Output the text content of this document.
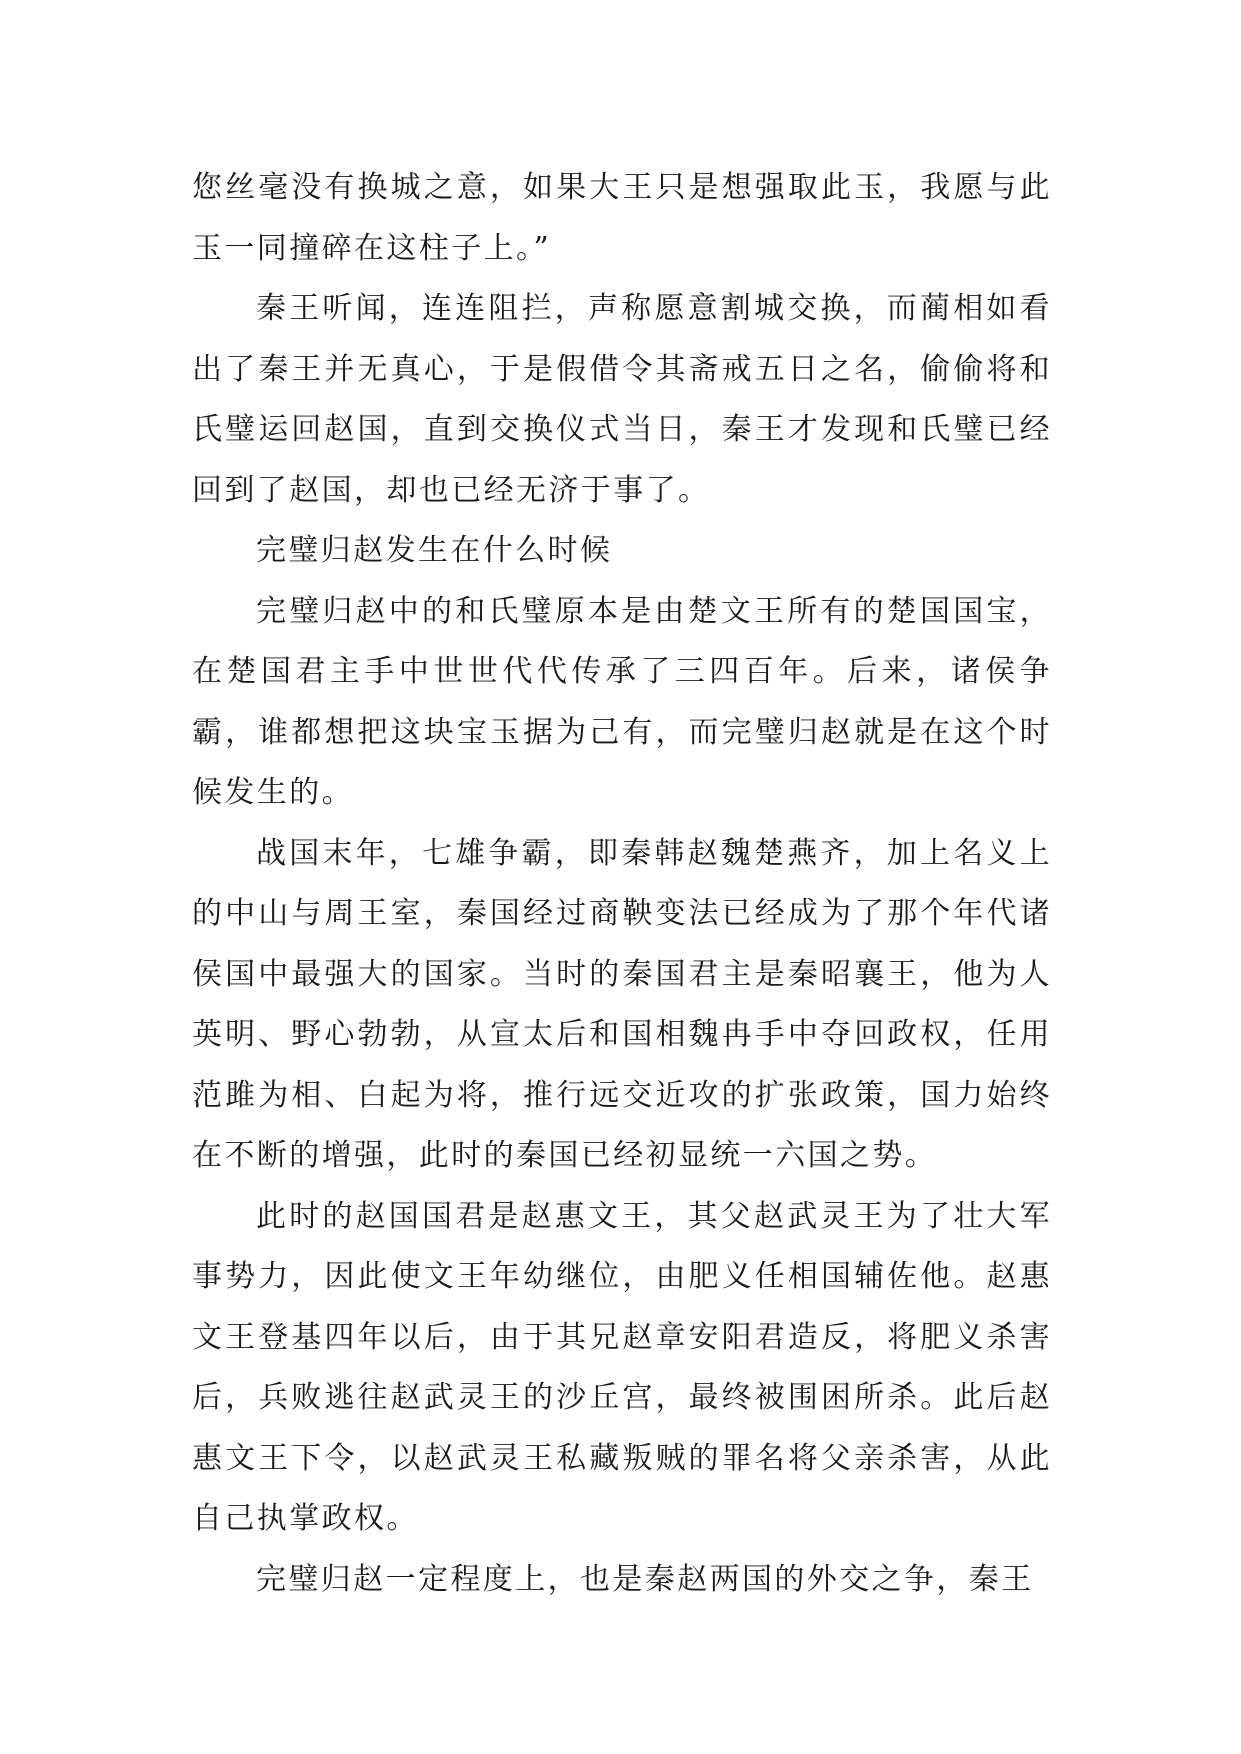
您丝毫没有换城之意，如果大王只是想强取此玉，我愿与此玉一同撞碎在这柱子上。”

秦王听闻，连连阻拦，声称愿意割城交换，而蔺相如看出了秦王并无真心，于是假借令其斋戒五日之名，偷偷将和氏璧运回赵国，直到交换仪式当日，秦王才发现和氏璧已经回到了赵国，却也已经无济于事了。

完璧归赵发生在什么时候

完璧归赵中的和氏璧原本是由楚文王所有的楚国国宝，在楚国君主手中世世代代传承了三四百年。后来，诸侯争霸，谁都想把这块宝玉据为己有，而完璧归赵就是在这个时候发生的。

战国末年，七雄争霸，即秦韩赵魏楚燕齐，加上名义上的中山与周王室，秦国经过商鞅变法已经成为了那个年代诸侯国中最强大的国家。当时的秦国君主是秦昭襄王，他为人英明、野心勃勃，从宣太后和国相魏冉手中夺回政权，任用范雎为相、白起为将，推行远交近攻的扩张政策，国力始终在不断的增强，此时的秦国已经初显统一六国之势。

此时的赵国国君是赵惠文王，其父赵武灵王为了壮大军事势力，因此使文王年幼继位，由肥义任相国辅佐他。赵惠文王登基四年以后，由于其兄赵章安阳君造反，将肥义杀害后，兵败逃往赵武灵王的沙丘宫，最终被围困所杀。此后赵惠文王下令，以赵武灵王私藏叛贼的罪名将父亲杀害，从此自己执掌政权。

完璧归赵一定程度上，也是秦赵两国的外交之争，秦王
